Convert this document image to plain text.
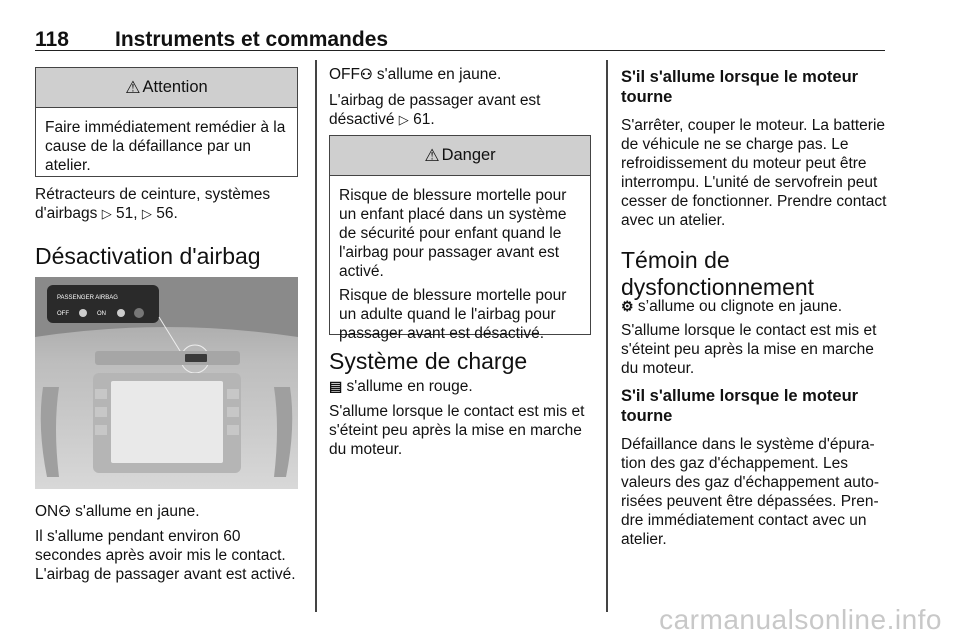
118 Instruments et commandes
⚠ Attention
Faire immédiatement remédier à la cause de la défaillance par un atelier.
Rétracteurs de ceinture, systèmes d'airbags ▷ 51, ▷ 56.
Désactivation d'airbag
PASSENGER AIRBAG
OFF	ON
ON⚇ s'allume en jaune.
Il s'allume pendant environ 60 secondes après avoir mis le contact. L'airbag de passager avant est activé.
OFF⚇ s'allume en jaune.
L'airbag de passager avant est désactivé ▷ 61.
⚠ Danger
Risque de blessure mortelle pour un enfant placé dans un système de sécurité pour enfant quand le l'airbag pour passager avant est activé.
Risque de blessure mortelle pour un adulte quand le l'airbag pour passager avant est désactivé.
Système de charge
▤ s'allume en rouge.
S'allume lorsque le contact est mis et s'éteint peu après la mise en marche du moteur.
S'il s'allume lorsque le moteur tourne
S'arrêter, couper le moteur. La batterie de véhicule ne se charge pas. Le refroidissement du moteur peut être interrompu. L'unité de servofrein peut cesser de fonctionner. Prendre contact avec un atelier.
Témoin de dysfonctionnement
⚙ s’allume ou clignote en jaune.
S'allume lorsque le contact est mis et s'éteint peu après la mise en marche du moteur.
S'il s'allume lorsque le moteur tourne
Défaillance dans le système d'épuration des gaz d'échappement. Les valeurs des gaz d'échappement autorisées peuvent être dépassées. Prendre immédiatement contact avec un atelier.
carmanualsonline.info
